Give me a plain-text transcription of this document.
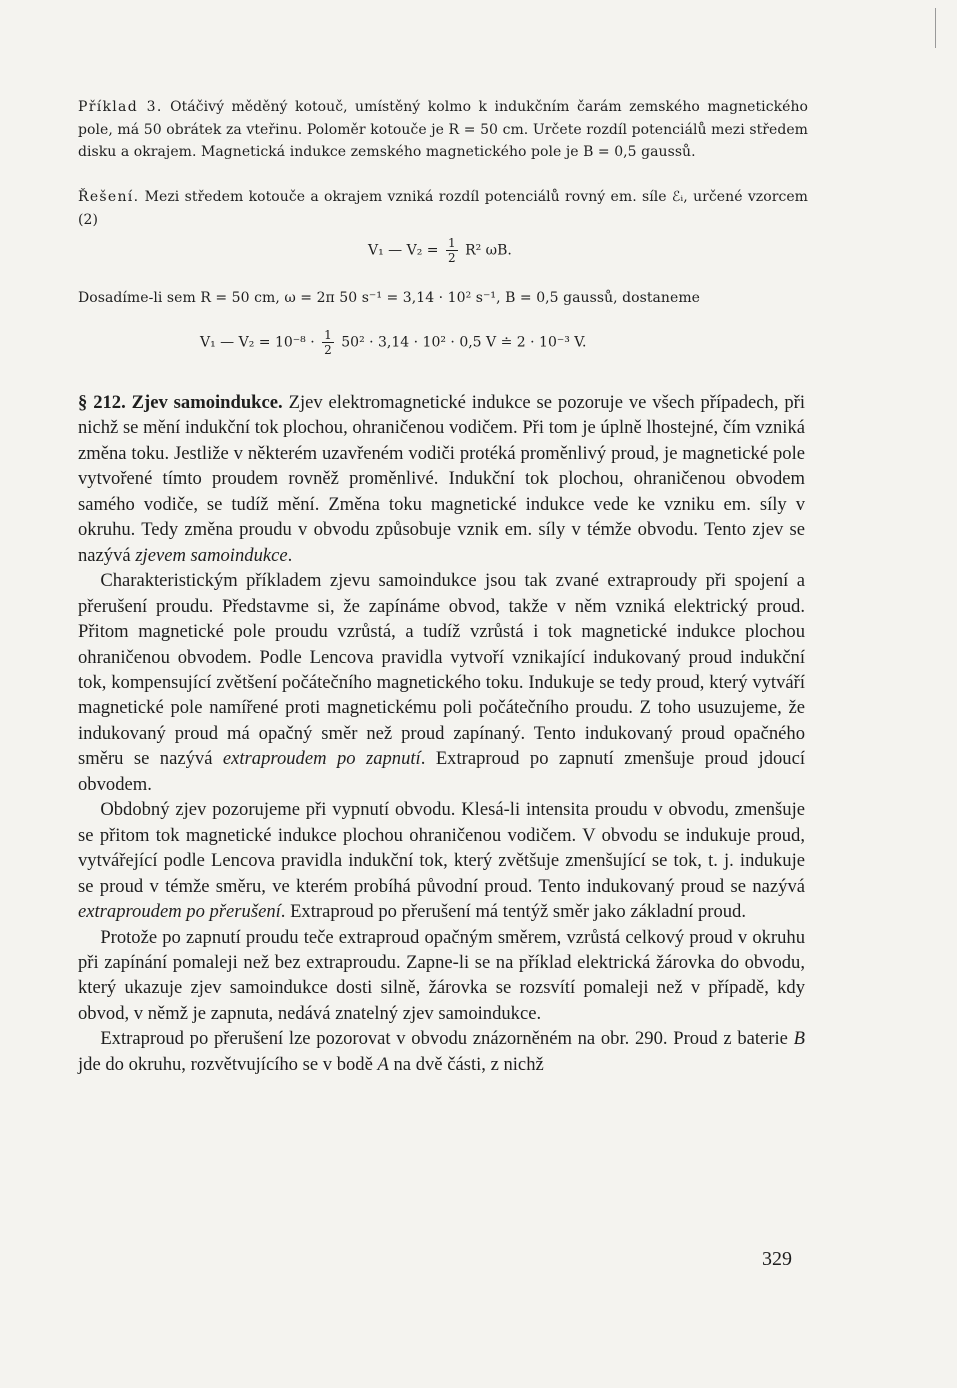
Příklad 3. Otáčivý měděný kotouč, umístěný kolmo k indukčním čarám zemského magnetického pole, má 50 obrátek za vteřinu. Poloměr kotouče je R = 50 cm. Určete rozdíl potenciálů mezi středem disku a okrajem. Magnetická indukce zemského magnetického pole je B = 0,5 gaussů.
Řešení. Mezi středem kotouče a okrajem vzniká rozdíl potenciálů rovný em. síle ℰᵢ, určené vzorcem (2)
V₁ — $V_2 = \frac{1}{2} R^2$ ωB.
Dosadíme-li sem R = 50 cm, ω = 2π 50 s⁻¹ = 3,14 · 10² s⁻¹, B = 0,5 gaussů, dostaneme
V₁ — $V_2 = 10^{-8} \cdot \frac{1}{2} 50^2 \cdot 3,14 \cdot 10^2 \cdot 0,5$ V ≐ 2 · 10⁻³ V.

§ 212. Zjev samoindukce. Zjev elektromagnetické indukce se pozoruje ve všech případech, při nichž se mění indukční tok plochou, ohraničenou vodičem. Při tom je úplně lhostejné, čím vzniká změna toku. Jestliže v některém uzavřeném vodiči protéká proměnlivý proud, je magnetické pole vytvořené tímto proudem rovněž proměnlivé. Indukční tok plochou, ohraničenou obvodem samého vodiče, se tudíž mění. Změna toku magnetické indukce vede ke vzniku em. síly v okruhu. Tedy změna proudu v obvodu způsobuje vznik em. síly v témže obvodu. Tento zjev se nazývá zjevem samoindukce.

Charakteristickým příkladem zjevu samoindukce jsou tak zvané extraproudy při spojení a přerušení proudu. Představme si, že zapínáme obvod, takže v něm vzniká elektrický proud. Přitom magnetické pole proudu vzrůstá, a tudíž vzrůstá i tok magnetické indukce plochou ohraničenou obvodem. Podle Lencova pravidla vytvoří vznikající indukovaný proud indukční tok, kompensující zvětšení počátečního magnetického toku. Indukuje se tedy proud, který vytváří magnetické pole namířené proti magnetickému poli počátečního proudu. Z toho usuzujeme, že indukovaný proud má opačný směr než proud zapínaný. Tento indukovaný proud opačného směru se nazývá extraproudem po zapnutí. Extraproud po zapnutí zmenšuje proud jdoucí obvodem.

Obdobný zjev pozorujeme při vypnutí obvodu. Klesá-li intensita proudu v obvodu, zmenšuje se přitom tok magnetické indukce plochou ohraničenou vodičem. V obvodu se indukuje proud, vytvářející podle Lencova pravidla indukční tok, který zvětšuje zmenšující se tok, t. j. indukuje se proud v témže směru, ve kterém probíhá původní proud. Tento indukovaný proud se nazývá extraproudem po přerušení. Extraproud po přerušení má tentýž směr jako základní proud.

Protože po zapnutí proudu teče extraproud opačným směrem, vzrůstá celkový proud v okruhu při zapínání pomaleji než bez extraproudu. Zapne-li se na příklad elektrická žárovka do obvodu, který ukazuje zjev samoindukce dosti silně, žárovka se rozsvítí pomaleji než v případě, kdy obvod, v němž je zapnuta, nedává znatelný zjev samoindukce.

Extraproud po přerušení lze pozorovat v obvodu znázorněném na obr. 290. Proud z baterie B jde do okruhu, rozvětvujícího se v bodě A na dvě části, z nichž

329
